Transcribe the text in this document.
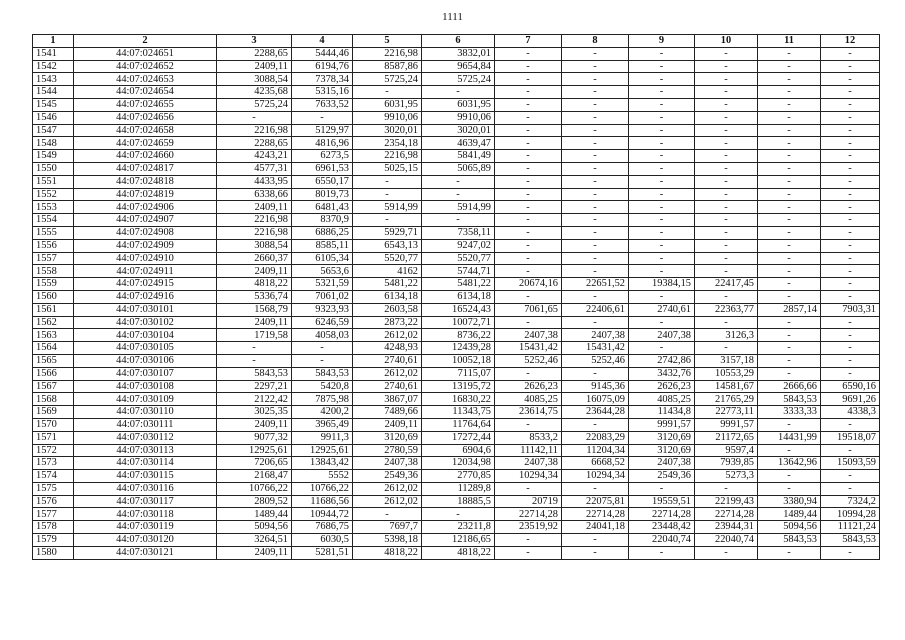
1111
1	2	3	4	5	6	7	8	9	10	11	12
1541	44:07:024651	2288,65	5444,46	2216,98	3832,01	-	-	-	-	-	-
1542	44:07:024652	2409,11	6194,76	8587,86	9654,84	-	-	-	-	-	-
1543	44:07:024653	3088,54	7378,34	5725,24	5725,24	-	-	-	-	-	-
1544	44:07:024654	4235,68	5315,16	-	-	-	-	-	-	-	-
1545	44:07:024655	5725,24	7633,52	6031,95	6031,95	-	-	-	-	-	-
1546	44:07:024656	-	-	9910,06	9910,06	-	-	-	-	-	-
1547	44:07:024658	2216,98	5129,97	3020,01	3020,01	-	-	-	-	-	-
1548	44:07:024659	2288,65	4816,96	2354,18	4639,47	-	-	-	-	-	-
1549	44:07:024660	4243,21	6273,5	2216,98	5841,49	-	-	-	-	-	-
1550	44:07:024817	4577,31	6961,53	5025,15	5065,89	-	-	-	-	-	-
1551	44:07:024818	4433,95	6550,17	-	-	-	-	-	-	-	-
1552	44:07:024819	6338,66	8019,73	-	-	-	-	-	-	-	-
1553	44:07:024906	2409,11	6481,43	5914,99	5914,99	-	-	-	-	-	-
1554	44:07:024907	2216,98	8370,9	-	-	-	-	-	-	-	-
1555	44:07:024908	2216,98	6886,25	5929,71	7358,11	-	-	-	-	-	-
1556	44:07:024909	3088,54	8585,11	6543,13	9247,02	-	-	-	-	-	-
1557	44:07:024910	2660,37	6105,34	5520,77	5520,77	-	-	-	-	-	-
1558	44:07:024911	2409,11	5653,6	4162	5744,71	-	-	-	-	-	-
1559	44:07:024915	4818,22	5321,59	5481,22	5481,22	20674,16	22651,52	19384,15	22417,45	-	-
1560	44:07:024916	5336,74	7061,02	6134,18	6134,18	-	-	-	-	-	-
1561	44:07:030101	1568,79	9323,93	2603,58	16524,43	7061,65	22406,61	2740,61	22363,77	2857,14	7903,31
1562	44:07:030102	2409,11	6246,59	2873,22	10072,71	-	-	-	-	-	-
1563	44:07:030104	1719,58	4058,03	2612,02	8736,22	2407,38	2407,38	2407,38	3126,3	-	-
1564	44:07:030105	-	-	4248,93	12439,28	15431,42	15431,42	-	-	-	-
1565	44:07:030106	-	-	2740,61	10052,18	5252,46	5252,46	2742,86	3157,18	-	-
1566	44:07:030107	5843,53	5843,53	2612,02	7115,07	-	-	3432,76	10553,29	-	-
1567	44:07:030108	2297,21	5420,8	2740,61	13195,72	2626,23	9145,36	2626,23	14581,67	2666,66	6590,16
1568	44:07:030109	2122,42	7875,98	3867,07	16830,22	4085,25	16075,09	4085,25	21765,29	5843,53	9691,26
1569	44:07:030110	3025,35	4200,2	7489,66	11343,75	23614,75	23644,28	11434,8	22773,11	3333,33	4338,3
1570	44:07:030111	2409,11	3965,49	2409,11	11764,64	-	-	9991,57	9991,57	-	-
1571	44:07:030112	9077,32	9911,3	3120,69	17272,44	8533,2	22083,29	3120,69	21172,65	14431,99	19518,07
1572	44:07:030113	12925,61	12925,61	2780,59	6904,6	11142,11	11204,34	3120,69	9597,4	-	-
1573	44:07:030114	7206,65	13843,42	2407,38	12034,98	2407,38	6668,52	2407,38	7939,85	13642,96	15093,59
1574	44:07:030115	2168,47	5552	2549,36	2770,85	10294,34	10294,34	2549,36	5273,3	-	-
1575	44:07:030116	10766,22	10766,22	2612,02	11289,8	-	-	-	-	-	-
1576	44:07:030117	2809,52	11686,56	2612,02	18885,5	20719	22075,81	19559,51	22199,43	3380,94	7324,2
1577	44:07:030118	1489,44	10944,72	-	-	22714,28	22714,28	22714,28	22714,28	1489,44	10994,28
1578	44:07:030119	5094,56	7686,75	7697,7	23211,8	23519,92	24041,18	23448,42	23944,31	5094,56	11121,24
1579	44:07:030120	3264,51	6030,5	5398,18	12186,65	-	-	22040,74	22040,74	5843,53	5843,53
1580	44:07:030121	2409,11	5281,51	4818,22	4818,22	-	-	-	-	-	-
